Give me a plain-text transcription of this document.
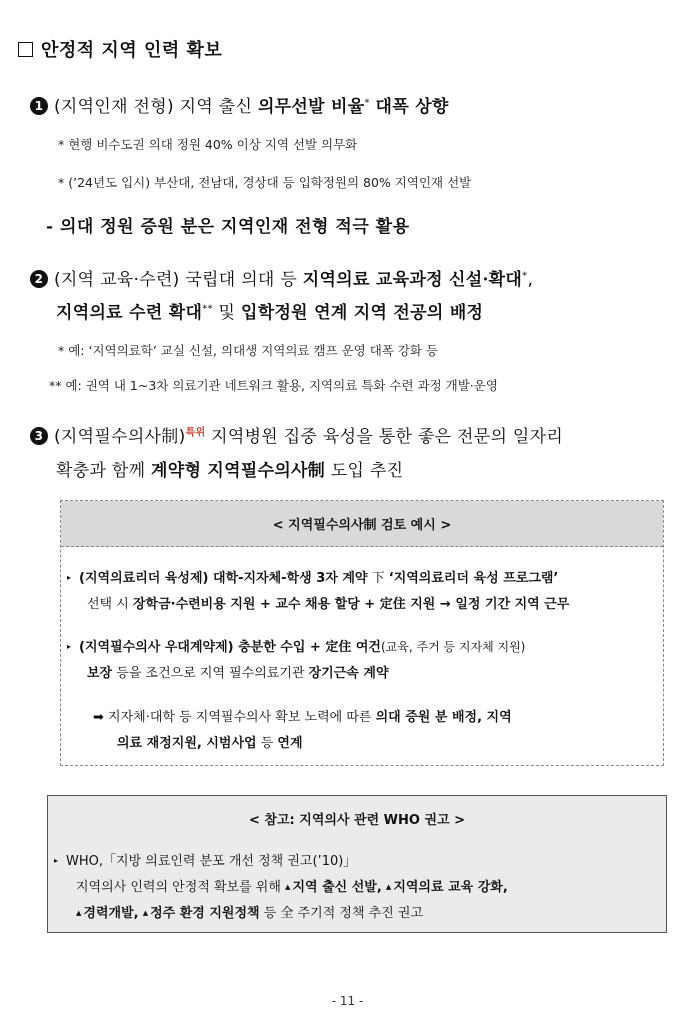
안정적 지역 인력 확보
1 (지역인재 전형) 지역 출신 의무선발 비율* 대폭 상향
* 현행 비수도권 의대 정원 40% 이상 지역 선발 의무화
* (’24년도 입시) 부산대, 전남대, 경상대 등 입학정원의 80% 지역인재 선발
- 의대 정원 증원 분은 지역인재 전형 적극 활용
2 (지역 교육·수련) 국립대 의대 등 지역의료 교육과정 신설·확대*,
지역의료 수련 확대** 및 입학정원 연계 지역 전공의 배정
* 예: ‘지역의료학’ 교실 신설, 의대생 지역의료 캠프 운영 대폭 강화 등
** 예: 권역 내 1~3차 의료기관 네트워크 활용, 지역의료 특화 수련 과정 개발·운영
3 (지역필수의사制)$^{특위}$ 지역병원 집중 육성을 통한 좋은 전문의 일자리
확충과 함께 계약형 지역필수의사制 도입 추진
< 지역필수의사制 검토 예시 >
▸ (지역의료리더 육성제) 대학-지자체-학생 3자 계약 下 ‘지역의료리더 육성 프로그램’
선택 시 장학금·수련비용 지원 + 교수 채용 할당 + 定住 지원 → 일정 기간 지역 근무
▸ (지역필수의사 우대계약제) 충분한 수입 + 定住 여건(교육, 주거 등 지자체 지원)
보장 등을 조건으로 지역 필수의료기관 장기근속 계약
➡ 지자체·대학 등 지역필수의사 확보 노력에 따른 의대 증원 분 배정, 지역
의료 재정지원, 시범사업 등 연계
< 참고: 지역의사 관련 WHO 권고 >
▸ WHO,「지방 의료인력 분포 개선 정책 권고(’10)」
지역의사 인력의 안정적 확보를 위해 ▲ 지역 출신 선발, ▲ 지역의료 교육 강화,
▲ 경력개발, ▲ 정주 환경 지원정책 등 全 주기적 정책 추진 권고
- 11 -
